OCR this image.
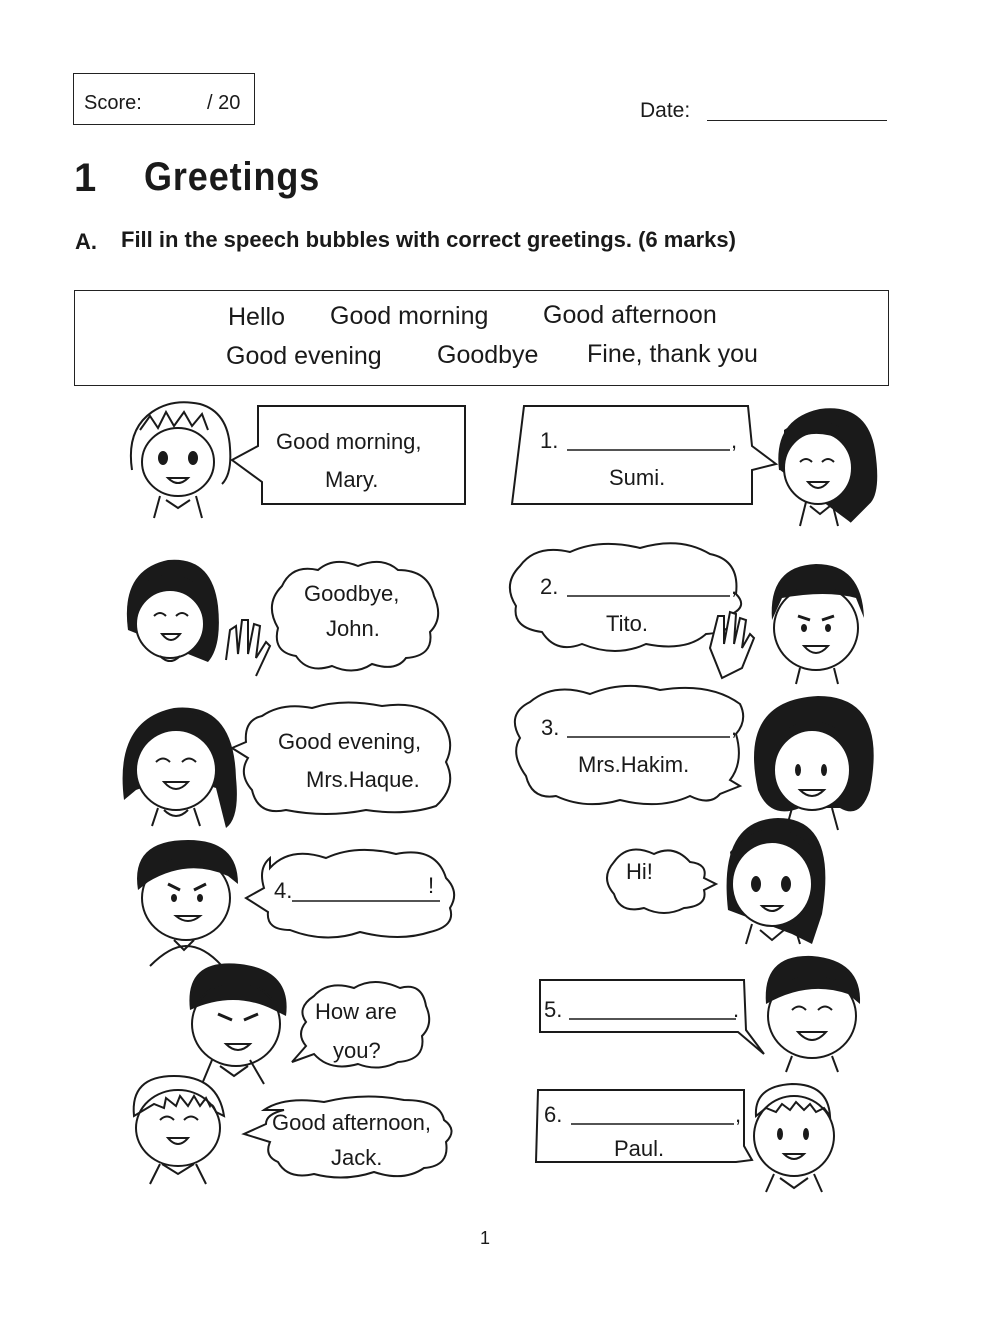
Score:	/ 20	Date:
1 Greetings
A. Fill in the speech bubbles with correct greetings. (6 marks)
Hello Good morning Good afternoon
Good evening Goodbye Fine, thank you
Good morning,
Mary.
1.	,
Sumi.
Goodbye,
John.
2.	,
Tito.
Good evening,
Mrs.Haque.
3.	,
Mrs.Hakim.
4.	!
Hi!
How are
you?
5.	.
Good afternoon,
Jack.
6.	,
Paul.
1
